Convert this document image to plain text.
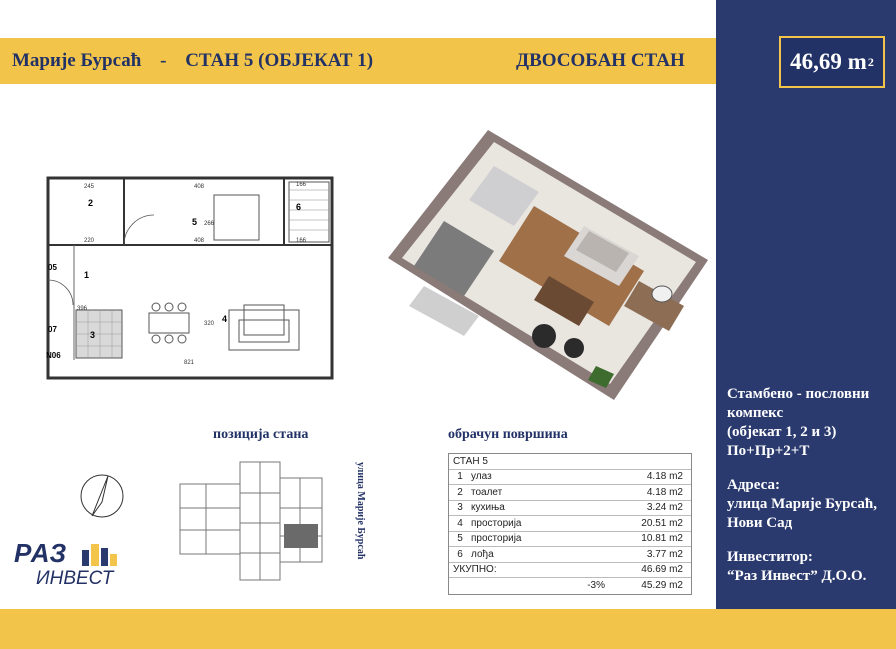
Марије Бурсаћ - СТАН 5 (ОБЈЕКАТ 1)	ДВОСОБАН СТАН	46,69 m 2

Стамбено - пословни

компекс

(објекат 1, 2 и 3)

По+Пр+2+Т

Адреса:

улица Марије Бурсаћ,

Нови Сад

Инвеститор:

“Раз Инвест” Д.О.О.

2
5
6
1
3
4
05
07
N06
245	408	166
220	408	166
266
396
320
821
позиција стана	обрачун површина
СТАН 5
1 улаз	4.18 m2
2 тоалет	4.18 m2
3 кухиња	3.24 m2
4 просторија	20.51 m2
5 просторија	10.81 m2
6 лођа	3.77 m2
УКУПНО:	46.69 m2
-3%	45.29 m2
улица Марије Бурсаћ
РАЗ
ИНВЕСТ
